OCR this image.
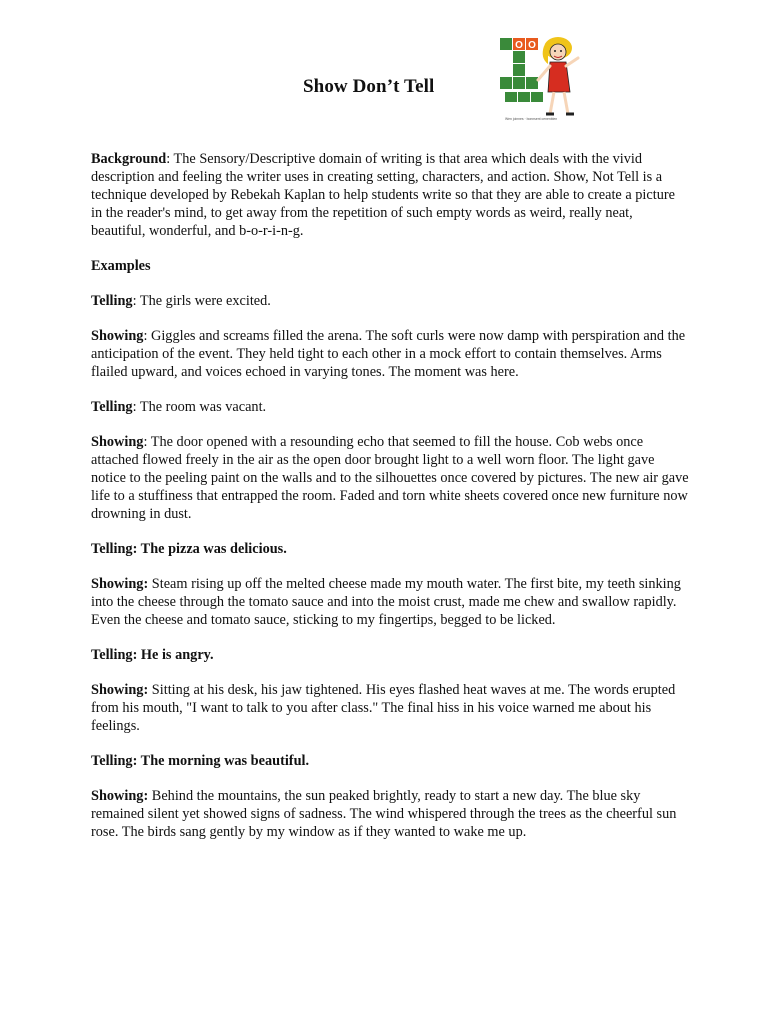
Show Don’t Tell
O O
Wen joinnes · bonnsent cenenblen

Background: The Sensory/Descriptive domain of writing is that area which deals with the vivid description and feeling the writer uses in creating setting, characters, and action. Show, Not Tell is a technique developed by Rebekah Kaplan to help students write so that they are able to create a picture in the reader's mind, to get away from the repetition of such empty words as weird, really neat, beautiful, wonderful, and b-o-r-i-n-g.

Examples

Telling: The girls were excited.

Showing: Giggles and screams filled the arena. The soft curls were now damp with perspiration and the anticipation of the event. They held tight to each other in a mock effort to contain themselves. Arms flailed upward, and voices echoed in varying tones. The moment was here.

Telling: The room was vacant.

Showing: The door opened with a resounding echo that seemed to fill the house. Cob webs once attached flowed freely in the air as the open door brought light to a well worn floor. The light gave notice to the peeling paint on the walls and to the silhouettes once covered by pictures. The new air gave life to a stuffiness that entrapped the room. Faded and torn white sheets covered once new furniture now drowning in dust.

Telling: The pizza was delicious.

Showing: Steam rising up off the melted cheese made my mouth water. The first bite, my teeth sinking into the cheese through the tomato sauce and into the moist crust, made me chew and swallow rapidly. Even the cheese and tomato sauce, sticking to my fingertips, begged to be licked.

Telling: He is angry.

Showing: Sitting at his desk, his jaw tightened. His eyes flashed heat waves at me. The words erupted from his mouth, "I want to talk to you after class." The final hiss in his voice warned me about his feelings.

Telling: The morning was beautiful.

Showing: Behind the mountains, the sun peaked brightly, ready to start a new day. The blue sky remained silent yet showed signs of sadness. The wind whispered through the trees as the cheerful sun rose. The birds sang gently by my window as if they wanted to wake me up.
